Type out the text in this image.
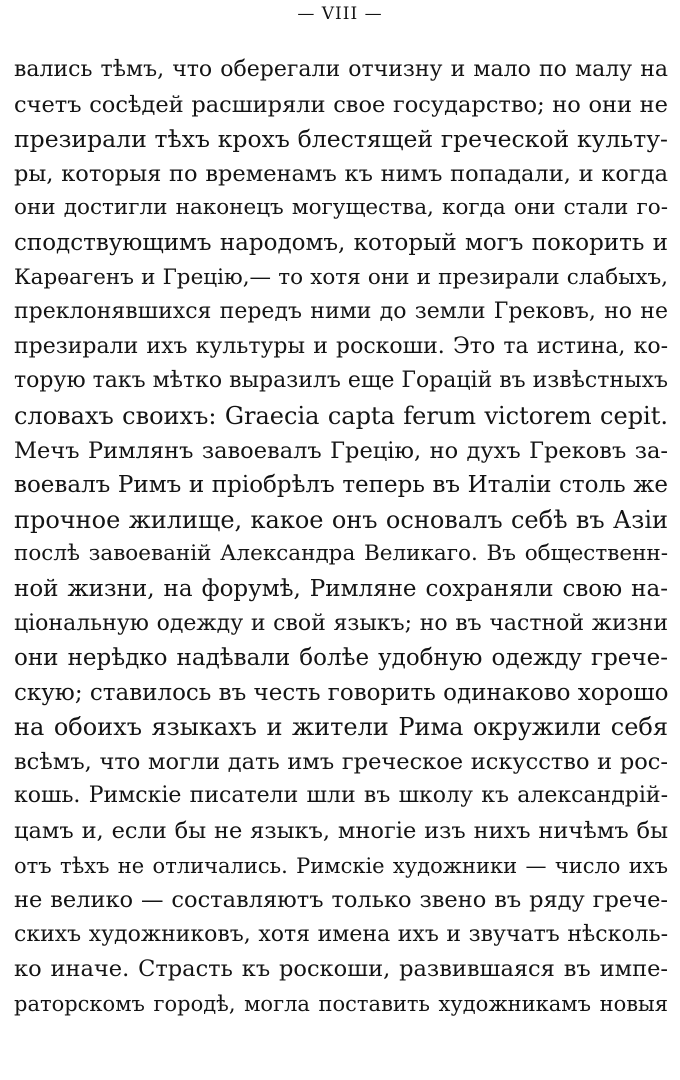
— VIII —
вались тѣмъ, что оберегали отчизну и мало по малу на
счетъ сосѣдей расширяли свое государство; но они не
презирали тѣхъ крохъ блестящей греческой культу-
ры, которыя по временамъ къ нимъ попадали, и когда
они достигли наконецъ могущества, когда они стали го-
сподствующимъ народомъ, который могъ покорить и
Карѳагенъ и Грецію,— то хотя они и презирали слабыхъ,
преклонявшихся передъ ними до земли Грековъ, но не
презирали ихъ культуры и роскоши. Это та истина, ко-
торую такъ мѣтко выразилъ еще Горацій въ извѣстныхъ
словахъ своихъ: Graecia capta ferum victorem cepit.
Мечъ Римлянъ завоевалъ Грецію, но духъ Грековъ за-
воевалъ Римъ и пріобрѣлъ теперь въ Италіи столь же
прочное жилище, какое онъ основалъ себѣ въ Азіи
послѣ завоеваній Александра Великаго. Въ общественн-
ной жизни, на форумѣ, Римляне сохраняли свою на-
ціональную одежду и свой языкъ; но въ частной жизни
они нерѣдко надѣвали болѣе удобную одежду грече-
скую; ставилось въ честь говорить одинаково хорошо
на обоихъ языкахъ и жители Рима окружили себя
всѣмъ, что могли дать имъ греческое искусство и рос-
кошь. Римскіе писатели шли въ школу къ александрій-
цамъ и, если бы не языкъ, многіе изъ нихъ ничѣмъ бы
отъ тѣхъ не отличались. Римскіе художники — число ихъ
не велико — составляютъ только звено въ ряду грече-
скихъ художниковъ, хотя имена ихъ и звучатъ нѣсколь-
ко иначе. Страсть къ роскоши, развившаяся въ импе-
раторскомъ городѣ, могла поставить художникамъ новыя
